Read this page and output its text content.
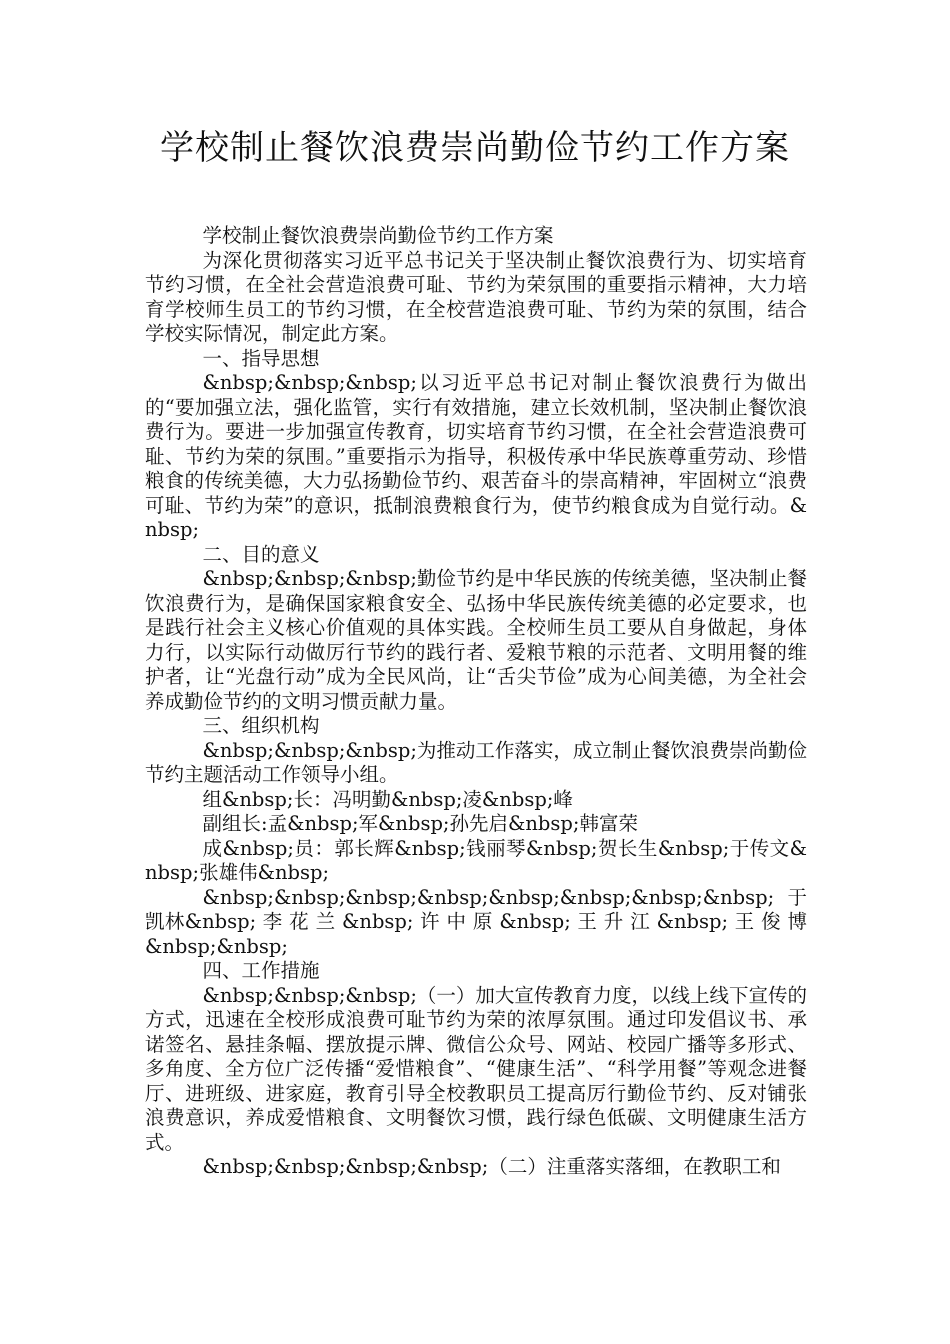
学校制止餐饮浪费崇尚勤俭节约工作方案

学校制止餐饮浪费崇尚勤俭节约工作方案

为深化贯彻落实习近平总书记关于坚决制止餐饮浪费行为、切实培育节约习惯，在全社会营造浪费可耻、节约为荣氛围的重要指示精神，大力培育学校师生员工的节约习惯，在全校营造浪费可耻、节约为荣的氛围，结合学校实际情况，制定此方案。

一、指导思想

&nbsp;&nbsp;&nbsp;以习近平总书记对制止餐饮浪费行为做出的“要加强立法，强化监管，实行有效措施，建立长效机制，坚决制止餐饮浪费行为。要进一步加强宣传教育，切实培育节约习惯，在全社会营造浪费可耻、节约为荣的氛围。”重要指示为指导，积极传承中华民族尊重劳动、珍惜粮食的传统美德，大力弘扬勤俭节约、艰苦奋斗的崇高精神，牢固树立“浪费可耻、节约为荣”的意识，抵制浪费粮食行为，使节约粮食成为自觉行动。&nbsp;

二、目的意义

&nbsp;&nbsp;&nbsp;勤俭节约是中华民族的传统美德，坚决制止餐饮浪费行为，是确保国家粮食安全、弘扬中华民族传统美德的必定要求，也是践行社会主义核心价值观的具体实践。全校师生员工要从自身做起，身体力行，以实际行动做厉行节约的践行者、爱粮节粮的示范者、文明用餐的维护者，让“光盘行动”成为全民风尚，让“舌尖节俭”成为心间美德，为全社会养成勤俭节约的文明习惯贡献力量。

三、组织机构

&nbsp;&nbsp;&nbsp;为推动工作落实，成立制止餐饮浪费崇尚勤俭节约主题活动工作领导小组。

组&nbsp;长：冯明勤&nbsp;凌&nbsp;峰

副组长:孟&nbsp;军&nbsp;孙先启&nbsp;韩富荣

成&nbsp;员：郭长辉&nbsp;钱丽琴&nbsp;贺长生&nbsp;于传文&nbsp;张雄伟&nbsp;

&nbsp;&nbsp;&nbsp;&nbsp;&nbsp;&nbsp;&nbsp;&nbsp;于凯林&nbsp; 李 花 兰 &nbsp; 许 中 原 &nbsp; 王 升 江 &nbsp; 王 俊 博&nbsp;&nbsp;

四、工作措施

&nbsp;&nbsp;&nbsp;（一）加大宣传教育力度，以线上线下宣传的方式，迅速在全校形成浪费可耻节约为荣的浓厚氛围。通过印发倡议书、承诺签名、悬挂条幅、摆放提示牌、微信公众号、网站、校园广播等多形式、多角度、全方位广泛传播“爱惜粮食”、“健康生活”、“科学用餐”等观念进餐厅、进班级、进家庭，教育引导全校教职员工提高厉行勤俭节约、反对铺张浪费意识，养成爱惜粮食、文明餐饮习惯，践行绿色低碳、文明健康生活方式。

&nbsp;&nbsp;&nbsp;&nbsp;（二）注重落实落细，在教职工和
